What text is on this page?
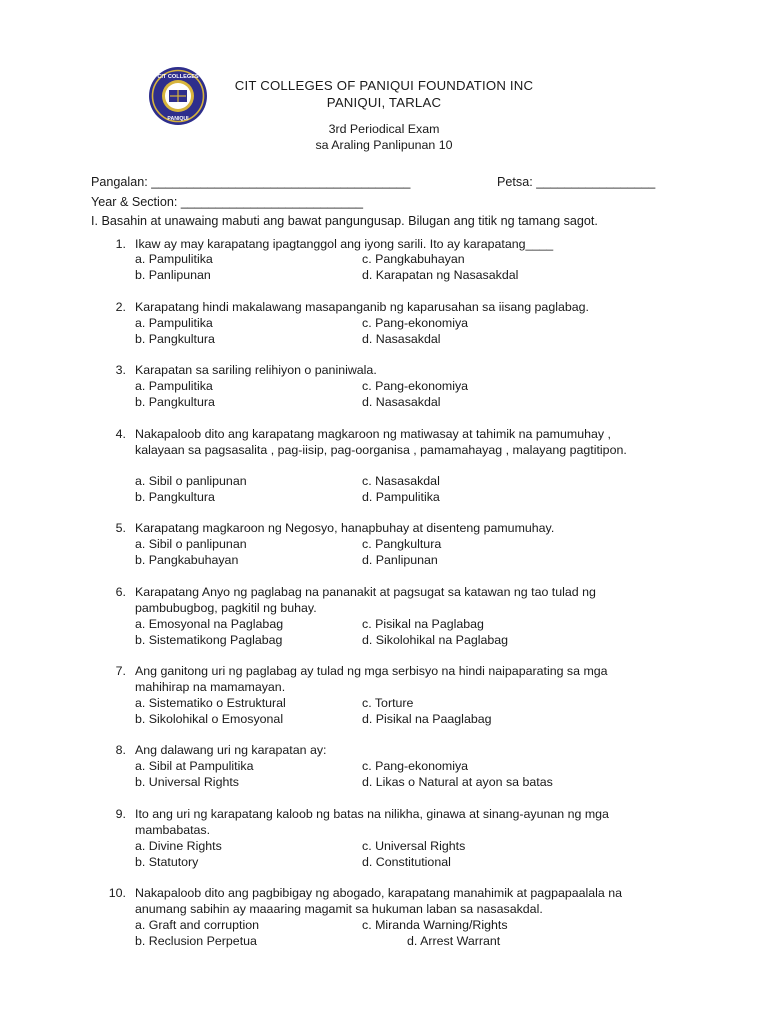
CIT COLLEGES
PANIQUI
CIT COLLEGES OF PANIQUI FOUNDATION INC
PANIQUI, TARLAC
3rd Periodical Exam
sa Araling Panlipunan 10
Pangalan: _____________________________________	Petsa: _________________
Year & Section: __________________________
I. Basahin at unawaing mabuti ang bawat pangungusap. Bilugan ang titik ng tamang sagot.
1. Ikaw ay may karapatang ipagtanggol ang iyong sarili. Ito ay karapatang____
a. Pampulitika	c. Pangkabuhayan
b. Panlipunan	d. Karapatan ng Nasasakdal
2. Karapatang hindi makalawang masapanganib ng kaparusahan sa iisang paglabag.
a. Pampulitika	c. Pang-ekonomiya
b. Pangkultura	d. Nasasakdal
3. Karapatan sa sariling relihiyon o paniniwala.
a. Pampulitika	c. Pang-ekonomiya
b. Pangkultura	d. Nasasakdal
4. Nakapaloob dito ang karapatang magkaroon ng matiwasay at tahimik na pamumuhay , kalayaan sa pagsasalita , pag-iisip, pag-oorganisa , pamamahayag , malayang pagtitipon.
a. Sibil o panlipunan	c. Nasasakdal
b. Pangkultura	d. Pampulitika
5. Karapatang magkaroon ng Negosyo, hanapbuhay at disenteng pamumuhay.
a. Sibil o panlipunan	c. Pangkultura
b. Pangkabuhayan	d. Panlipunan
6. Karapatang Anyo ng paglabag na pananakit at pagsugat sa katawan ng tao tulad ng pambubugbog, pagkitil ng buhay.
a. Emosyonal na Paglabag	c. Pisikal na Paglabag
b. Sistematikong Paglabag	d. Sikolohikal na Paglabag
7. Ang ganitong uri ng paglabag ay tulad ng mga serbisyo na hindi naipaparating sa mga mahihirap na mamamayan.
a. Sistematiko o Estruktural	c. Torture
b. Sikolohikal o Emosyonal	d. Pisikal na Paaglabag
8. Ang dalawang uri ng karapatan ay:
a. Sibil at Pampulitika	c. Pang-ekonomiya
b. Universal Rights	d. Likas o Natural at ayon sa batas
9. Ito ang uri ng karapatang kaloob ng batas na nilikha, ginawa at sinang-ayunan ng mga mambabatas.
a. Divine Rights	c. Universal Rights
b. Statutory	d. Constitutional
10. Nakapaloob dito ang pagbibigay ng abogado, karapatang manahimik at pagpapaalala na anumang sabihin ay maaaring magamit sa hukuman laban sa nasasakdal.
a. Graft and corruption	c. Miranda Warning/Rights
b. Reclusion Perpetua	d. Arrest Warrant
